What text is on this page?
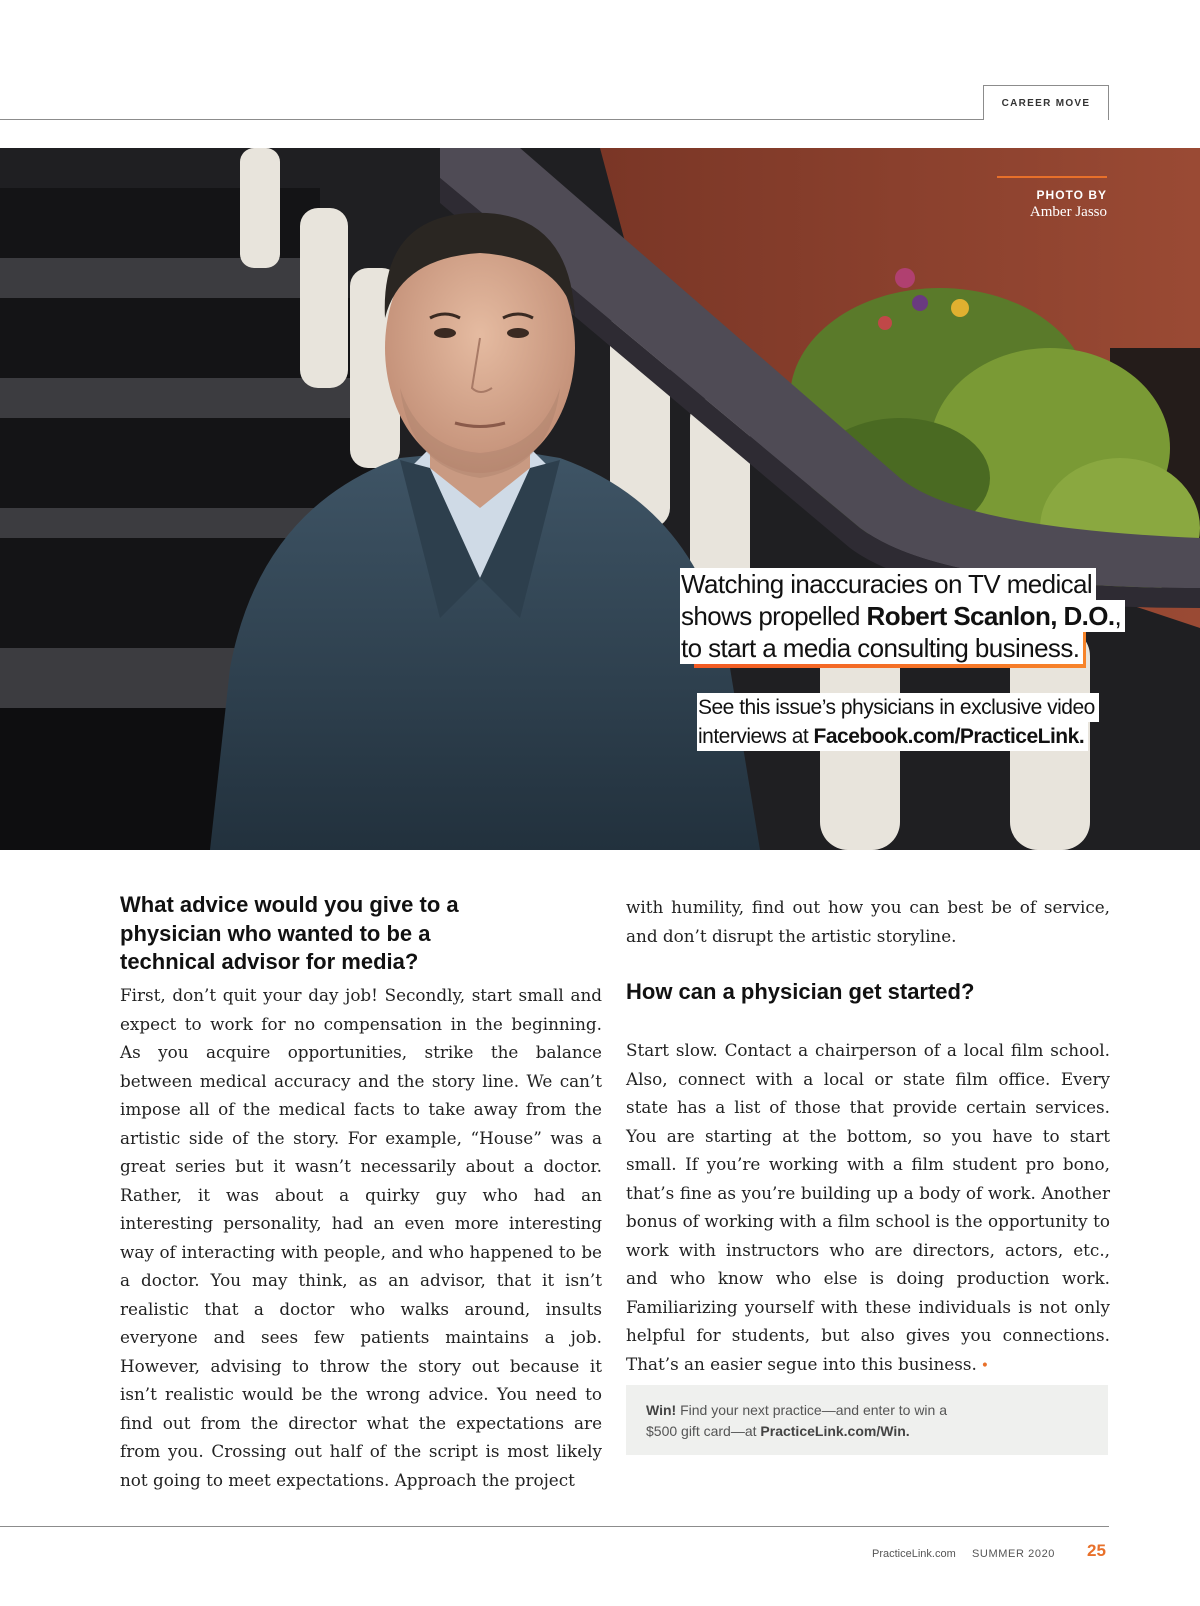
CAREER MOVE
PHOTO BY
Amber Jasso
Watching inaccuracies on TV medical
shows propelled Robert Scanlon, D.O.,
to start a media consulting business.
See this issue’s physicians in exclusive video
interviews at Facebook.com/PracticeLink.
What advice would you give to a physician who wanted to be a technical advisor for media?

First, don’t quit your day job! Secondly, start small and expect to work for no compensation in the beginning. As you acquire opportunities, strike the balance between medical accuracy and the story line. We can’t impose all of the medical facts to take away from the artistic side of the story. For example, “House” was a great series but it wasn’t necessarily about a doctor. Rather, it was about a quirky guy who had an interesting personality, had an even more interesting way of interacting with people, and who happened to be a doctor. You may think, as an advisor, that it isn’t realistic that a doctor who walks around, insults everyone and sees few patients maintains a job. However, advising to throw the story out because it isn’t realistic would be the wrong advice. You need to find out from the director what the expectations are from you. Crossing out half of the script is most likely not going to meet expectations. Approach the project

with humility, find out how you can best be of service, and don’t disrupt the artistic storyline.

How can a physician get started?

Start slow. Contact a chairperson of a local film school. Also, connect with a local or state film office. Every state has a list of those that provide certain services. You are starting at the bottom, so you have to start small. If you’re working with a film student pro bono, that’s fine as you’re building up a body of work. Another bonus of working with a film school is the opportunity to work with instructors who are directors, actors, etc., and who know who else is doing production work. Familiarizing yourself with these individuals is not only helpful for students, but also gives you connections. That’s an easier segue into this business. •

Win! Find your next practice—and enter to win a
$500 gift card—at PracticeLink.com/Win.
PracticeLink.com SUMMER 2020 25
